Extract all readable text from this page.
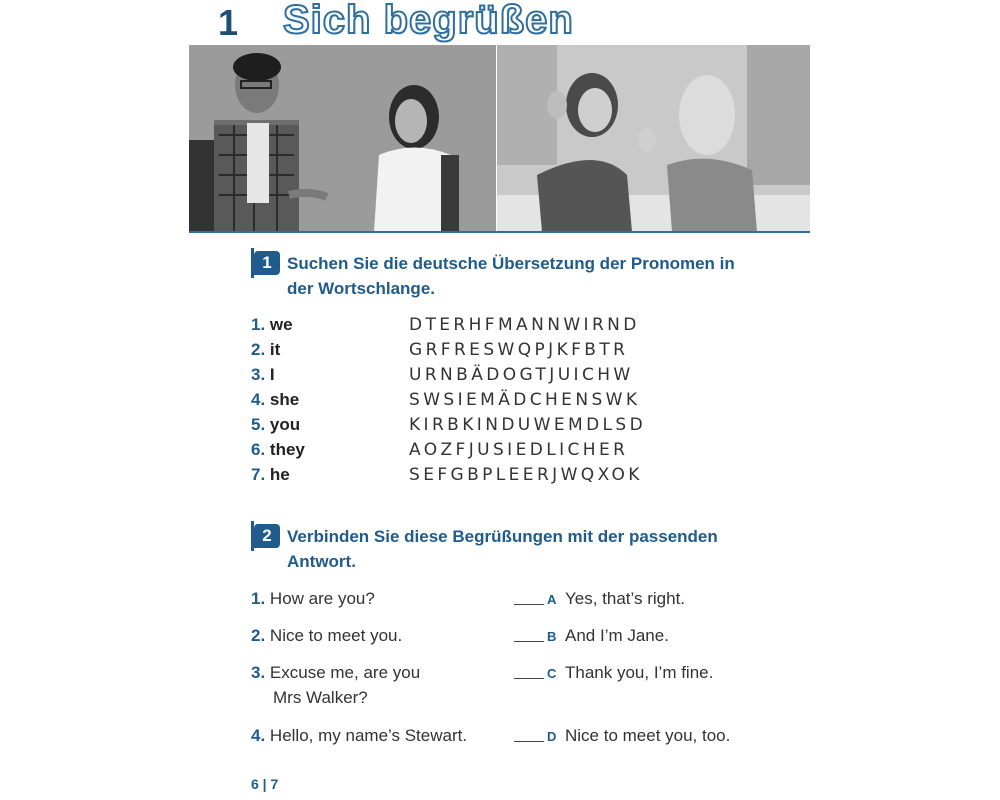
1 Sich begrüßen
1 Suchen Sie die deutsche Übersetzung der Pronomen in
der Wortschlange.
1. we	DTERHFMANNWIRND
2. it	GRFRESWQPJKFBTR
3. I	URNBÄDOGTJUICHW
4. she	SWSIEMÄDCHENSWK
5. you	KIRBKINDUWEMDLSD
6. they	AOZFJUSIEDLICHER
7. he	SEFGBPLEERJWQXOK
2 Verbinden Sie diese Begrüßungen mit der passenden
Antwort.
1. How are you?
2. Nice to meet you.
3. Excuse me, are you
Mrs Walker?
4. Hello, my name’s Stewart.
A Yes, that’s right.
B And I’m Jane.
C Thank you, I’m fine.
D Nice to meet you, too.
6 | 7
